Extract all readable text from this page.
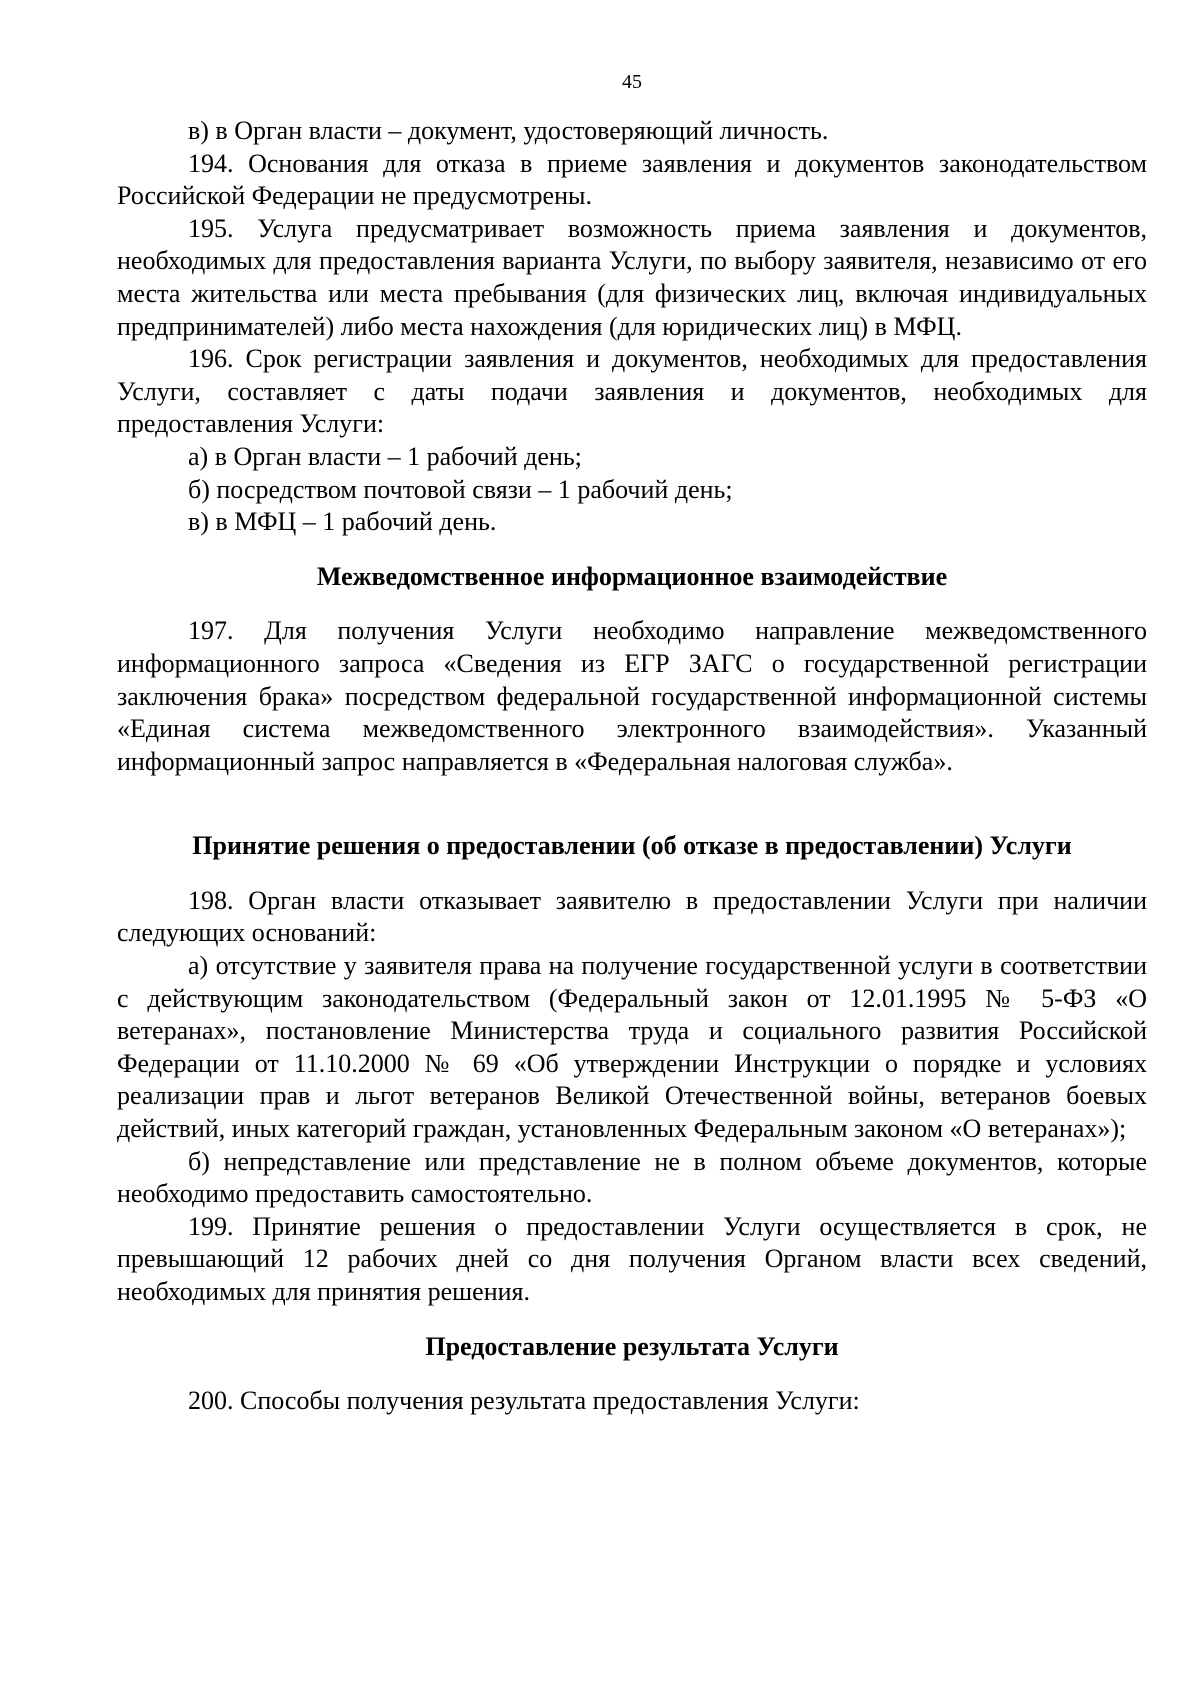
45

в) в Орган власти – документ, удостоверяющий личность.

194. Основания для отказа в приеме заявления и документов законодательством Российской Федерации не предусмотрены.

195. Услуга предусматривает возможность приема заявления и документов, необходимых для предоставления варианта Услуги, по выбору заявителя, независимо от его места жительства или места пребывания (для физических лиц, включая индивидуальных предпринимателей) либо места нахождения (для юридических лиц) в МФЦ.

196. Срок регистрации заявления и документов, необходимых для предоставления Услуги, составляет с даты подачи заявления и документов, необходимых для предоставления Услуги:

а) в Орган власти – 1 рабочий день;

б) посредством почтовой связи – 1 рабочий день;

в) в МФЦ – 1 рабочий день.

Межведомственное информационное взаимодействие

197. Для получения Услуги необходимо направление межведомственного информационного запроса «Сведения из ЕГР ЗАГС о государственной регистрации заключения брака» посредством федеральной государственной информационной системы «Единая система межведомственного электронного взаимодействия». Указанный информационный запрос направляется в «Федеральная налоговая служба».

Принятие решения о предоставлении (об отказе в предоставлении) Услуги

198. Орган власти отказывает заявителю в предоставлении Услуги при наличии следующих оснований:

а) отсутствие у заявителя права на получение государственной услуги в соответствии с действующим законодательством (Федеральный закон от 12.01.1995 № 5-ФЗ «О ветеранах», постановление Министерства труда и социального развития Российской Федерации от 11.10.2000 № 69 «Об утверждении Инструкции о порядке и условиях реализации прав и льгот ветеранов Великой Отечественной войны, ветеранов боевых действий, иных категорий граждан, установленных Федеральным законом «О ветеранах»);

б) непредставление или представление не в полном объеме документов, которые необходимо предоставить самостоятельно.

199. Принятие решения о предоставлении Услуги осуществляется в срок, не превышающий 12 рабочих дней со дня получения Органом власти всех сведений, необходимых для принятия решения.

Предоставление результата Услуги

200. Способы получения результата предоставления Услуги:
